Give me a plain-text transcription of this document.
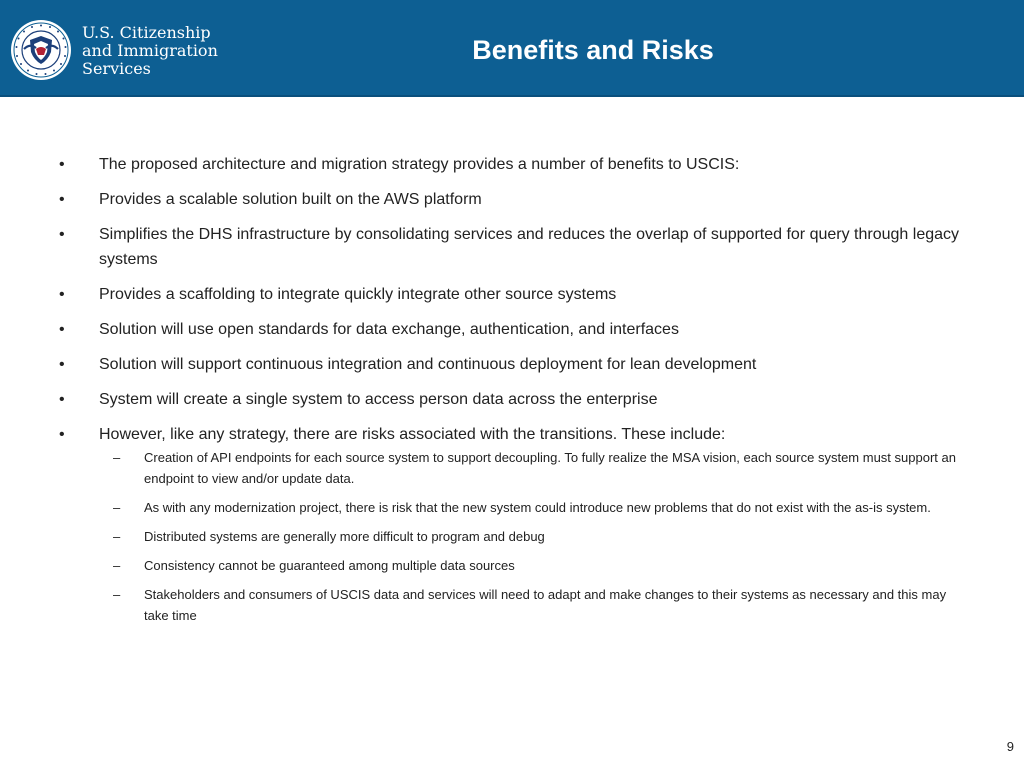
U.S. Citizenship
and Immigration
Services

Benefits and Risks
• The proposed architecture and migration strategy provides a number of benefits to USCIS:
• Provides a scalable solution built on the AWS platform
• Simplifies the DHS infrastructure by consolidating services and reduces the overlap of supported for query through legacy systems
• Provides a scaffolding to integrate quickly integrate other source systems
• Solution will use open standards for data exchange, authentication, and interfaces
• Solution will support continuous integration and continuous deployment for lean development
• System will create a single system to access person data across the enterprise
• However, like any strategy, there are risks associated with the transitions. These include:
– Creation of API endpoints for each source system to support decoupling. To fully realize the MSA vision, each source system must support an endpoint to view and/or update data.
– As with any modernization project, there is risk that the new system could introduce new problems that do not exist with the as-is system.
– Distributed systems are generally more difficult to program and debug
– Consistency cannot be guaranteed among multiple data sources
– Stakeholders and consumers of USCIS data and services will need to adapt and make changes to their systems as necessary and this may take time
9
